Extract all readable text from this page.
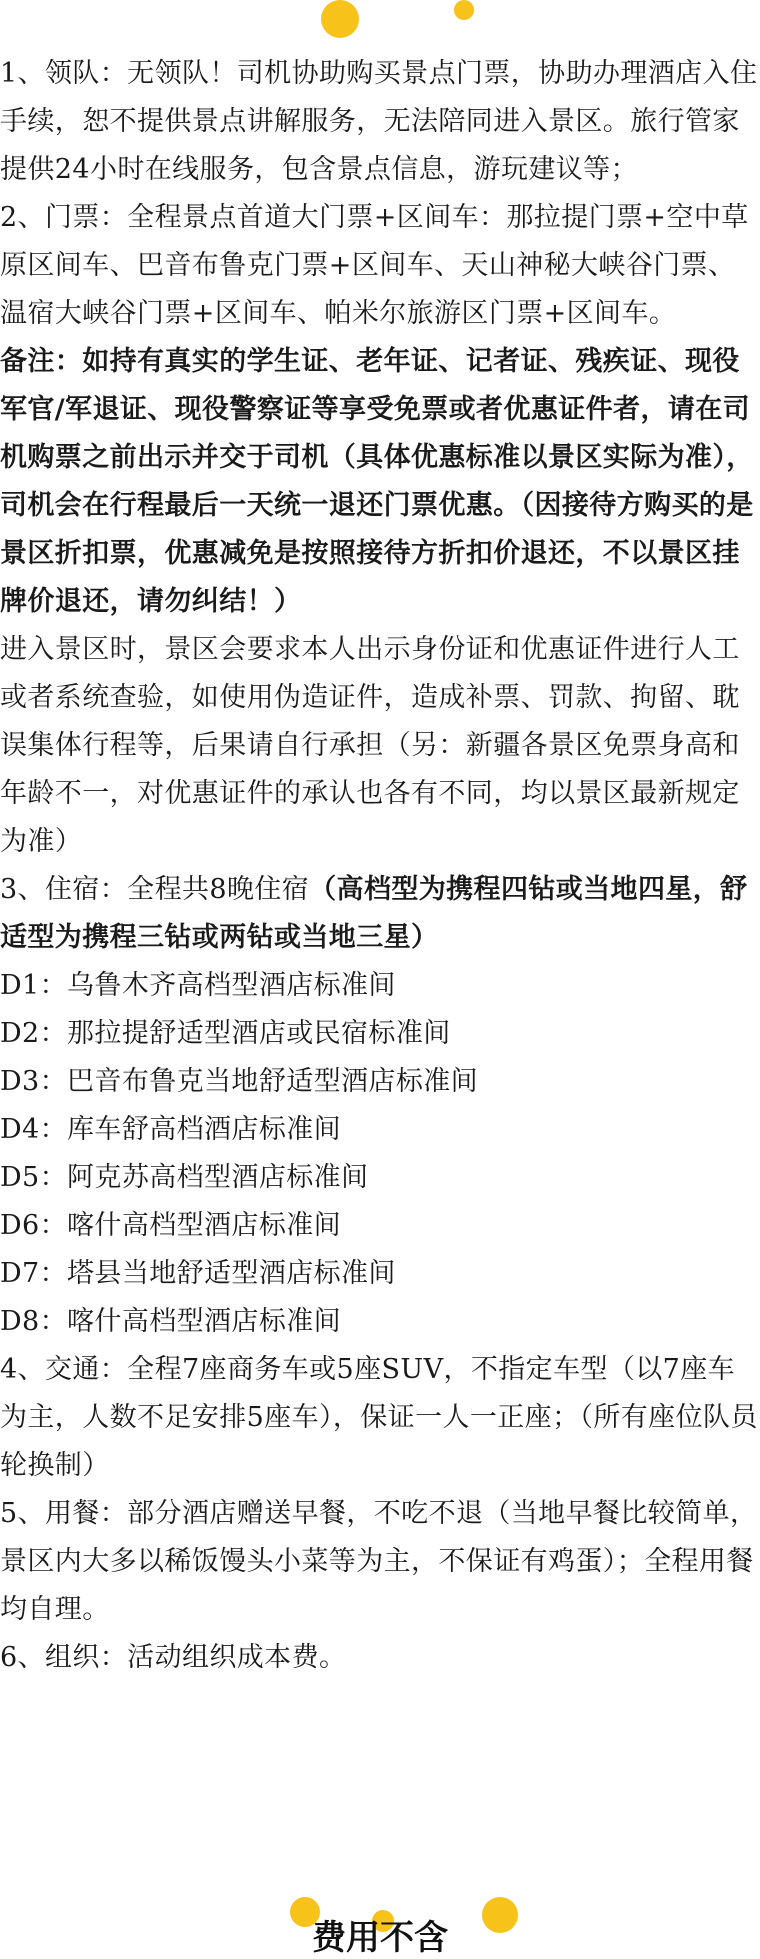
1、领队：无领队！司机协助购买景点门票，协助办理酒店入住手续，恕不提供景点讲解服务，无法陪同进入景区。旅行管家提供24小时在线服务，包含景点信息，游玩建议等；

2、门票：全程景点首道大门票+区间车：那拉提门票+空中草原区间车、巴音布鲁克门票+区间车、天山神秘大峡谷门票、温宿大峡谷门票+区间车、帕米尔旅游区门票+区间车。

备注：如持有真实的学生证、老年证、记者证、残疾证、现役军官/军退证、现役警察证等享受免票或者优惠证件者，请在司机购票之前出示并交于司机（具体优惠标准以景区实际为准），司机会在行程最后一天统一退还门票优惠。（因接待方购买的是景区折扣票，优惠减免是按照接待方折扣价退还，不以景区挂牌价退还，请勿纠结！）

进入景区时，景区会要求本人出示身份证和优惠证件进行人工或者系统查验，如使用伪造证件，造成补票、罚款、拘留、耽误集体行程等，后果请自行承担（另：新疆各景区免票身高和年龄不一，对优惠证件的承认也各有不同，均以景区最新规定为准）

3、住宿：全程共8晚住宿（高档型为携程四钻或当地四星，舒适型为携程三钻或两钻或当地三星）

D1：乌鲁木齐高档型酒店标准间

D2：那拉提舒适型酒店或民宿标准间

D3：巴音布鲁克当地舒适型酒店标准间

D4：库车舒高档酒店标准间

D5：阿克苏高档型酒店标准间

D6：喀什高档型酒店标准间

D7：塔县当地舒适型酒店标准间

D8：喀什高档型酒店标准间

4、交通：全程7座商务车或5座SUV，不指定车型（以7座车为主，人数不足安排5座车），保证一人一正座；（所有座位队员轮换制）

5、用餐：部分酒店赠送早餐，不吃不退（当地早餐比较简单，景区内大多以稀饭馒头小菜等为主，不保证有鸡蛋）；全程用餐均自理。

6、组织：活动组织成本费。

费用不含
